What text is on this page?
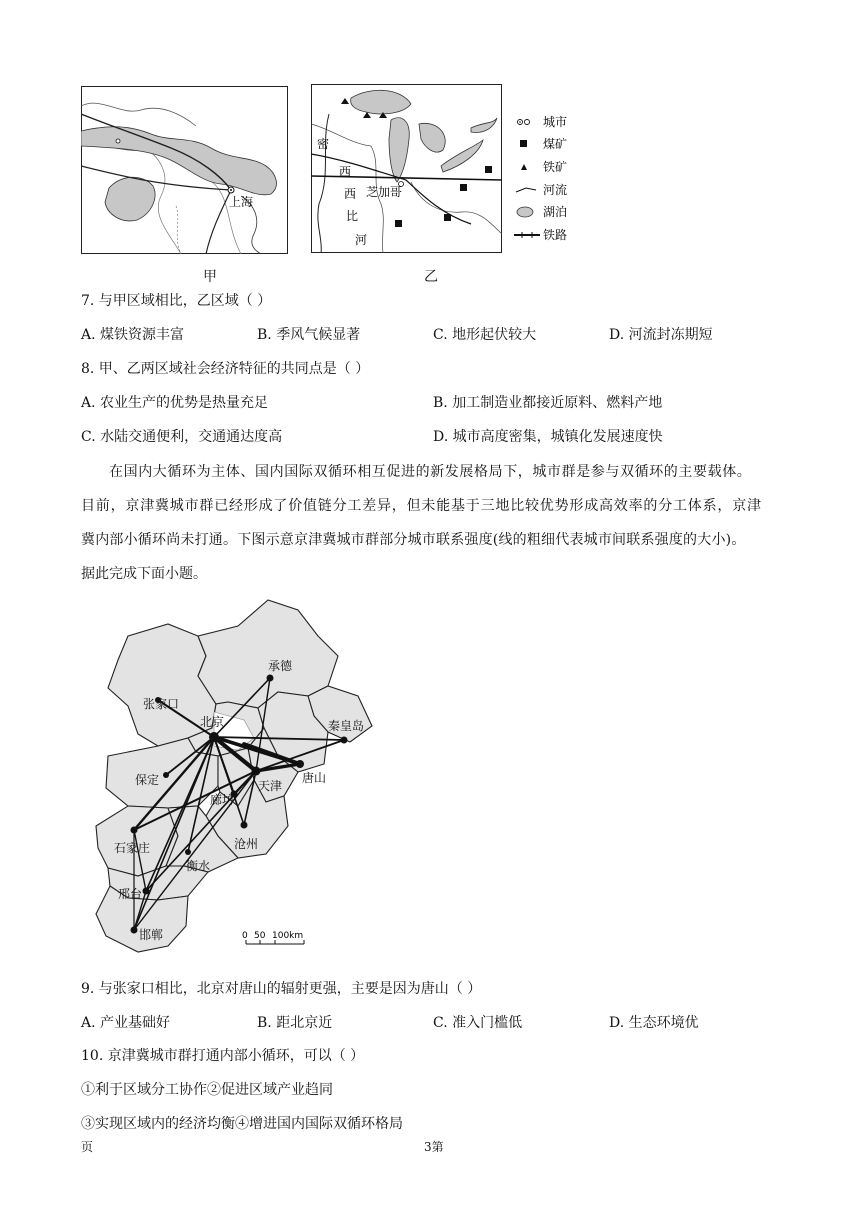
上海
密
西
西
比
河
芝加哥
城市
煤矿
铁矿
河流
湖泊
铁路
甲	乙
7. 与甲区域相比，乙区域（ ）
A. 煤铁资源丰富	B. 季风气候显著	C. 地形起伏较大	D. 河流封冻期短
8. 甲、乙两区域社会经济特征的共同点是（ ）
A. 农业生产的优势是热量充足	B. 加工制造业都接近原料、燃料产地
C. 水陆交通便利，交通通达度高	D. 城市高度密集，城镇化发展速度快
在国内大循环为主体、国内国际双循环相互促进的新发展格局下，城市群是参与双循环的主要载体。
目前，京津冀城市群已经形成了价值链分工差异，但未能基于三地比较优势形成高效率的分工体系，京津
冀内部小循环尚未打通。下图示意京津冀城市群部分城市联系强度(线的粗细代表城市间联系强度的大小)。
据此完成下面小题。
承德
张家口
北京	秦皇岛
唐山
天津
保定
廊坊
石家庄	沧州
衡水
邢台
邯郸	0 50 100km
9. 与张家口相比，北京对唐山的辐射更强，主要是因为唐山（ ）
A. 产业基础好	B. 距北京近	C. 准入门槛低	D. 生态环境优
10. 京津冀城市群打通内部小循环，可以（ ）
①利于区域分工协作②促进区域产业趋同
③实现区域内的经济均衡④增进国内国际双循环格局
页	3第
